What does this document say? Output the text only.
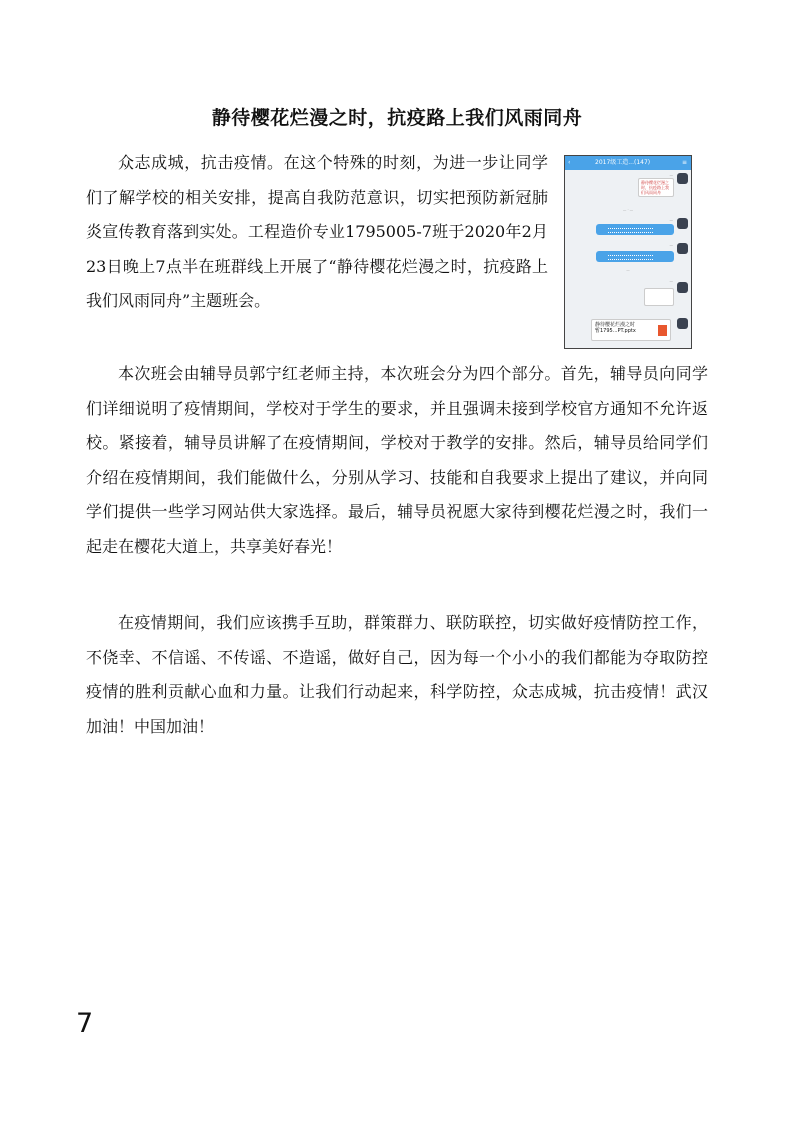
静待樱花烂漫之时，抗疫路上我们风雨同舟

众志成城，抗击疫情。在这个特殊的时刻，为进一步让同学们了解学校的相关安排，提高自我防范意识，切实把预防新冠肺炎宣传教育落到实处。工程造价专业1795005-7班于2020年2月23日晚上7点半在班群线上开展了“静待樱花烂漫之时，抗疫路上我们风雨同舟”主题班会。

‹	2017级工造...(147)	≡
—
静待樱花烂漫之时，抗疫路上我们风雨同舟
— · —
—
—
—
—
静待樱花烂漫之时
暂1795...PT.pptx

本次班会由辅导员郭宁红老师主持，本次班会分为四个部分。首先，辅导员向同学们详细说明了疫情期间，学校对于学生的要求，并且强调未接到学校官方通知不允许返校。紧接着，辅导员讲解了在疫情期间，学校对于教学的安排。然后，辅导员给同学们介绍在疫情期间，我们能做什么，分别从学习、技能和自我要求上提出了建议，并向同学们提供一些学习网站供大家选择。最后，辅导员祝愿大家待到樱花烂漫之时，我们一起走在樱花大道上，共享美好春光！

在疫情期间，我们应该携手互助，群策群力、联防联控，切实做好疫情防控工作，不侥幸、不信谣、不传谣、不造谣，做好自己，因为每一个小小的我们都能为夺取防控疫情的胜利贡献心血和力量。让我们行动起来，科学防控，众志成城，抗击疫情！武汉加油！中国加油！

7
